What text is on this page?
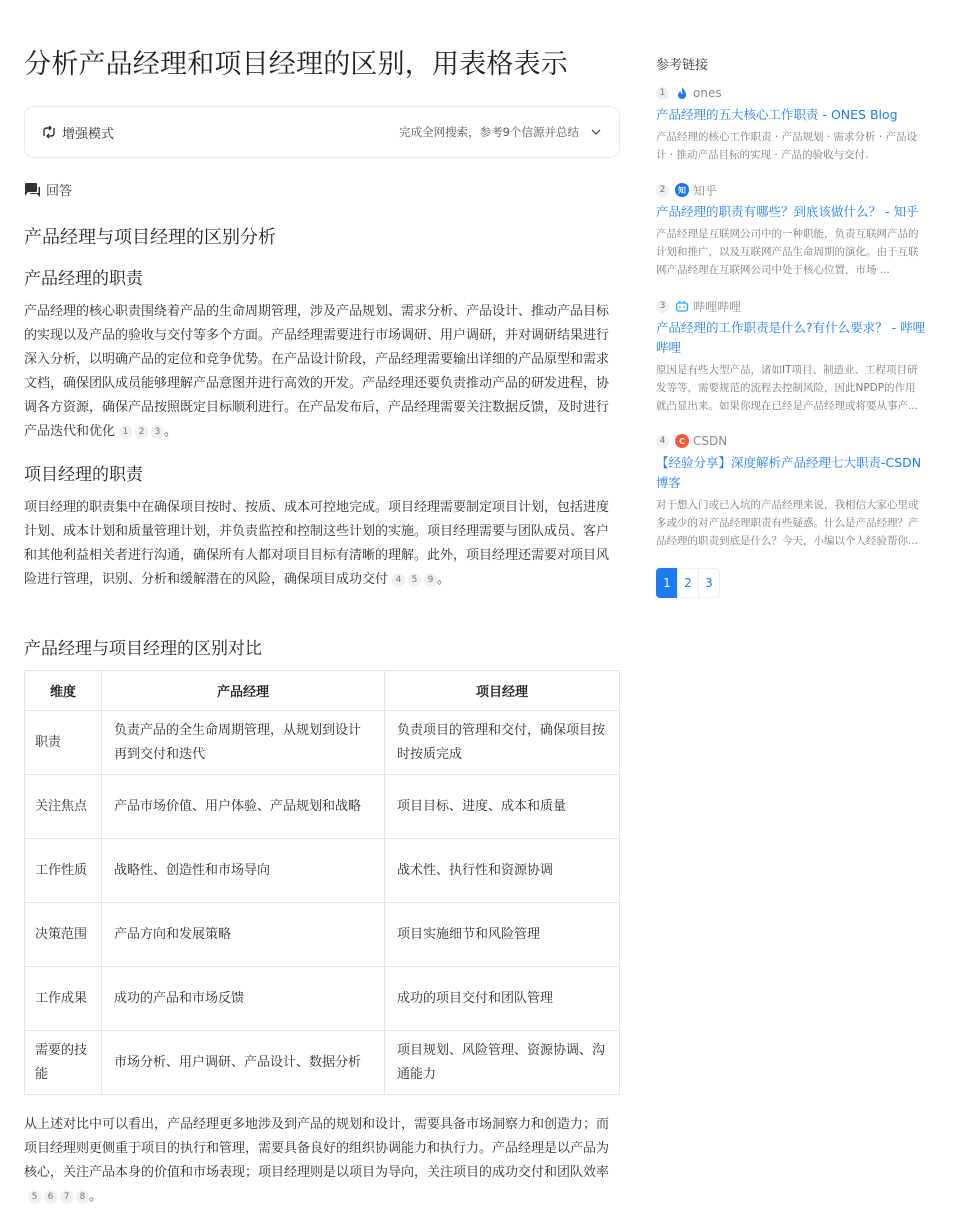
分析产品经理和项目经理的区别，用表格表示
增强模式	完成全网搜索，参考9个信源并总结
回答
产品经理与项目经理的区别分析
产品经理的职责

产品经理的核心职责围绕着产品的生命周期管理，涉及产品规划、需求分析、产品设计、推动产品目标的实现以及产品的验收与交付等多个方面。产品经理需要进行市场调研、用户调研，并对调研结果进行深入分析，以明确产品的定位和竞争优势。在产品设计阶段，产品经理需要输出详细的产品原型和需求文档，确保团队成员能够理解产品意图并进行高效的开发。产品经理还要负责推动产品的研发进程，协调各方资源，确保产品按照既定目标顺利进行。在产品发布后，产品经理需要关注数据反馈，及时进行产品迭代和优化 1	2	3 。

项目经理的职责

项目经理的职责集中在确保项目按时、按质、成本可控地完成。项目经理需要制定项目计划，包括进度计划、成本计划和质量管理计划，并负责监控和控制这些计划的实施。项目经理需要与团队成员、客户和其他利益相关者进行沟通，确保所有人都对项目目标有清晰的理解。此外，项目经理还需要对项目风险进行管理，识别、分析和缓解潜在的风险，确保项目成功交付 4	5	9 。

产品经理与项目经理的区别对比
维度	产品经理	项目经理
职责	负责产品的全生命周期管理，从规划到设计再到交付和迭代	负责项目的管理和交付，确保项目按时按质完成
关注焦点	产品市场价值、用户体验、产品规划和战略	项目目标、进度、成本和质量
工作性质	战略性、创造性和市场导向	战术性、执行性和资源协调
决策范围	产品方向和发展策略	项目实施细节和风险管理
工作成果	成功的产品和市场反馈	成功的项目交付和团队管理
需要的技能	市场分析、用户调研、产品设计、数据分析	项目规划、风险管理、资源协调、沟通能力

从上述对比中可以看出，产品经理更多地涉及到产品的规划和设计，需要具备市场洞察力和创造力；而项目经理则更侧重于项目的执行和管理，需要具备良好的组织协调能力和执行力。产品经理是以产品为核心，关注产品本身的价值和市场表现；项目经理则是以项目为导向，关注项目的成功交付和团队效率
5	6	7	8 。

参考链接
1	ones
产品经理的五大核心工作职责 - ONES Blog
产品经理的核心工作职责 · 产品规划 · 需求分析 · 产品设计 · 推动产品目标的实现 · 产品的验收与交付.
2	知 知乎
产品经理的职责有哪些？到底该做什么？ - 知乎
产品经理是互联网公司中的一种职能，负责互联网产品的计划和推广，以及互联网产品生命周期的演化。由于互联网产品经理在互联网公司中处于核心位置，市场 ...
3	哔哩哔哩
产品经理的工作职责是什么?有什么要求？ - 哔哩哔哩
原因是有些大型产品，诸如IT项目、制造业、工程项目研发等等，需要规范的流程去控制风险，因此NPDP的作用就凸显出来。如果你现在已经是产品经理或将要从事产...
4	C CSDN
【经验分享】深度解析产品经理七大职责-CSDN博客
对于想入门或已入坑的产品经理来说，我相信大家心里或多或少的对产品经理职责有些疑惑。什么是产品经理？产品经理的职责到底是什么？今天，小编以个人经验帮你...
1	2	3
